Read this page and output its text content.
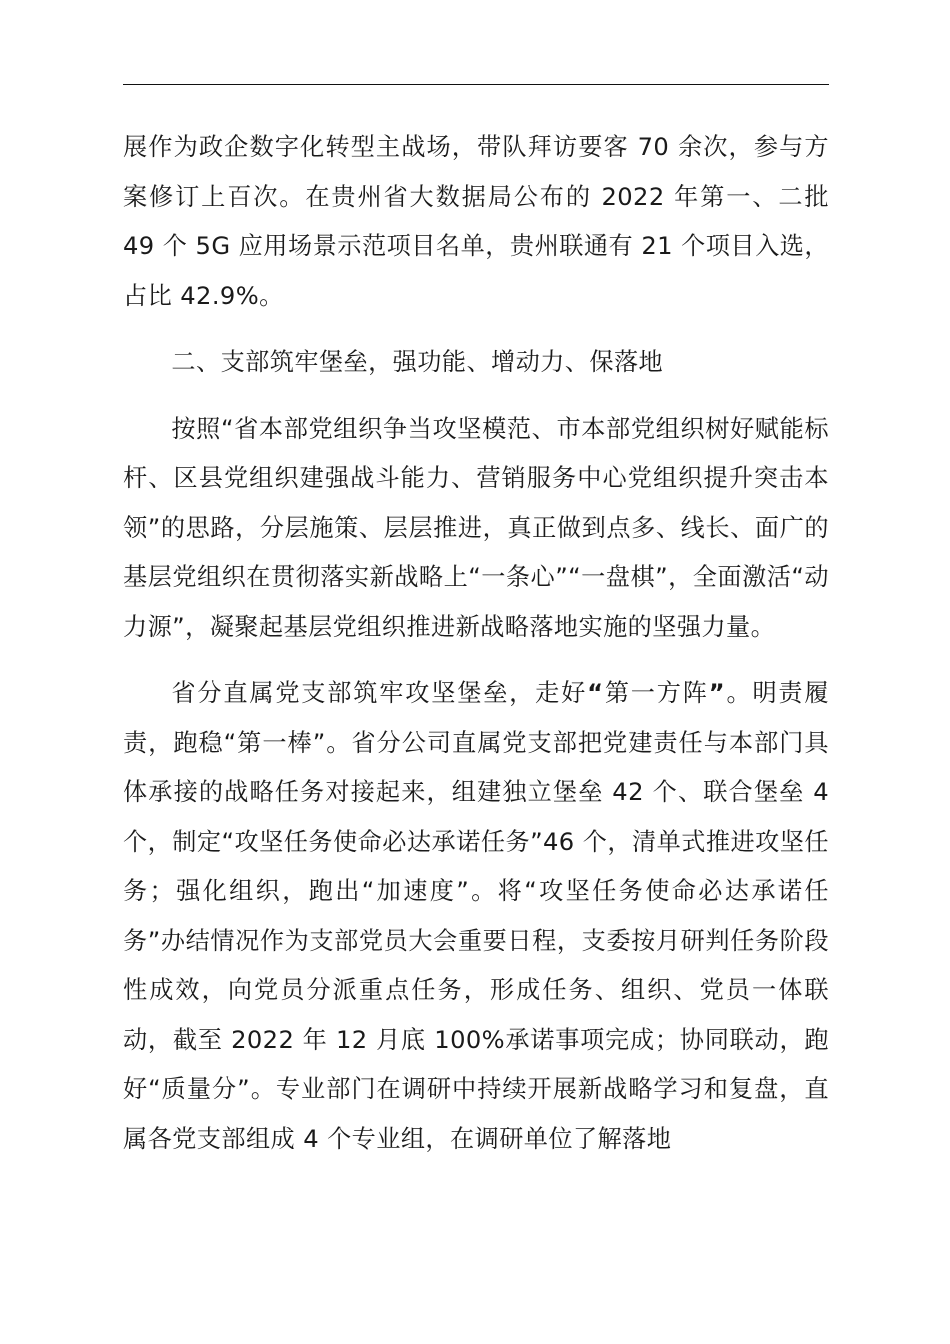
展作为政企数字化转型主战场，带队拜访要客 70 余次，参与方案修订上百次。在贵州省大数据局公布的 2022 年第一、二批 49 个 5G 应用场景示范项目名单，贵州联通有 21 个项目入选，占比 42.9%。

二、支部筑牢堡垒，强功能、增动力、保落地

按照“省本部党组织争当攻坚模范、市本部党组织树好赋能标杆、区县党组织建强战斗能力、营销服务中心党组织提升突击本领”的思路，分层施策、层层推进，真正做到点多、线长、面广的基层党组织在贯彻落实新战略上“一条心”“一盘棋”，全面激活“动力源”，凝聚起基层党组织推进新战略落地实施的坚强力量。

省分直属党支部筑牢攻坚堡垒，走好“第一方阵”。明责履责，跑稳“第一棒”。省分公司直属党支部把党建责任与本部门具体承接的战略任务对接起来，组建独立堡垒 42 个、联合堡垒 4 个，制定“攻坚任务使命必达承诺任务”46 个，清单式推进攻坚任务；强化组织，跑出“加速度”。将“攻坚任务使命必达承诺任务”办结情况作为支部党员大会重要日程，支委按月研判任务阶段性成效，向党员分派重点任务，形成任务、组织、党员一体联动，截至 2022 年 12 月底 100%承诺事项完成；协同联动，跑好“质量分”。专业部门在调研中持续开展新战略学习和复盘，直属各党支部组成 4 个专业组，在调研单位了解落地
